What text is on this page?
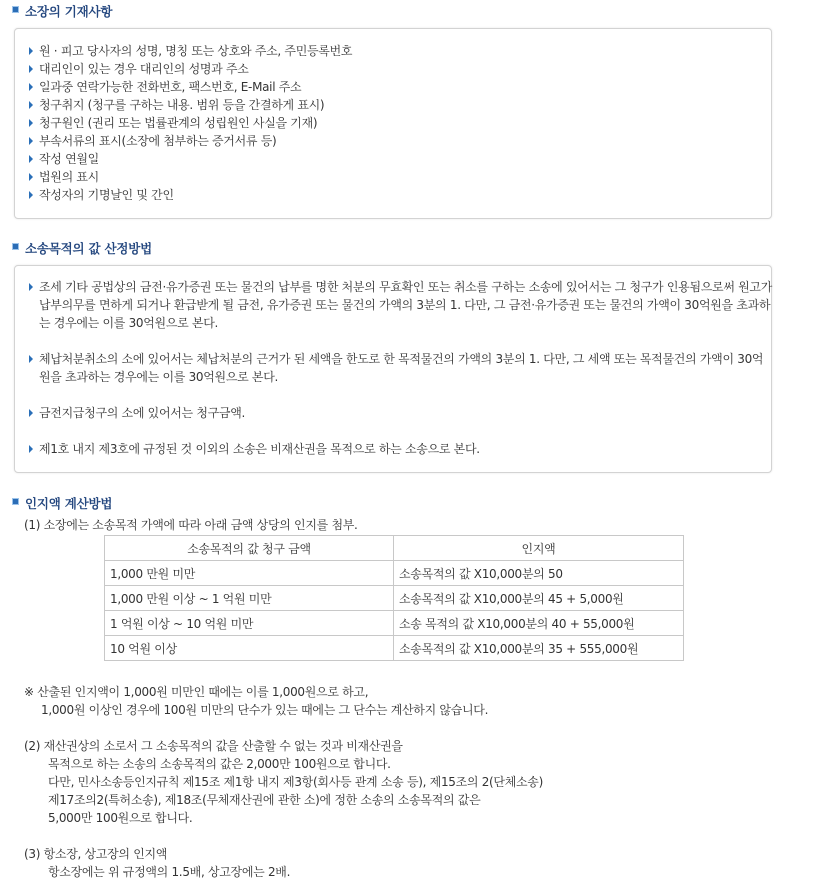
소장의 기재사항
원 · 피고 당사자의 성명, 명칭 또는 상호와 주소, 주민등록번호
대리인이 있는 경우 대리인의 성명과 주소
일과중 연락가능한 전화번호, 팩스번호, E-Mail 주소
청구취지 (청구를 구하는 내용. 범위 등을 간결하게 표시)
청구원인 (권리 또는 법률관계의 성립원인 사실을 기재)
부속서류의 표시(소장에 첨부하는 증거서류 등)
작성 연월일
법원의 표시
작성자의 기명날인 및 간인
소송목적의 값 산정방법
조세 기타 공법상의 금전·유가증권 또는 물건의 납부를 명한 처분의 무효확인 또는 취소를 구하는 소송에 있어서는 그 청구가 인용됨으로써 원고가 납부의무를 면하게 되거나 환급받게 될 금전, 유가증권 또는 물건의 가액의 3분의 1. 다만, 그 금전·유가증권 또는 물건의 가액이 30억원을 초과하는 경우에는 이를 30억원으로 본다.
체납처분취소의 소에 있어서는 체납처분의 근거가 된 세액을 한도로 한 목적물건의 가액의 3분의 1. 다만, 그 세액 또는 목적물건의 가액이 30억원을 초과하는 경우에는 이를 30억원으로 본다.
금전지급청구의 소에 있어서는 청구금액.
제1호 내지 제3호에 규정된 것 이외의 소송은 비재산권을 목적으로 하는 소송으로 본다.
인지액 계산방법
(1) 소장에는 소송목적 가액에 따라 아래 금액 상당의 인지를 첨부.
소송목적의 값 청구 금액	인지액
1,000 만원 미만	소송목적의 값 X10,000분의 50
1,000 만원 이상 ~ 1 억원 미만	소송목적의 값 X10,000분의 45 + 5,000원
1 억원 이상 ~ 10 억원 미만	소송 목적의 값 X10,000분의 40 + 55,000원
10 억원 이상	소송목적의 값 X10,000분의 35 + 555,000원
※ 산출된 인지액이 1,000원 미만인 때에는 이를 1,000원으로 하고,
1,000원 이상인 경우에 100원 미만의 단수가 있는 때에는 그 단수는 계산하지 않습니다.
(2) 재산권상의 소로서 그 소송목적의 값을 산출할 수 없는 것과 비재산권을
목적으로 하는 소송의 소송목적의 값은 2,000만 100원으로 합니다.
다만, 민사소송등인지규칙 제15조 제1항 내지 제3항(회사등 관계 소송 등), 제15조의 2(단체소송)
제17조의2(특허소송), 제18조(무체재산권에 관한 소)에 정한 소송의 소송목적의 값은
5,000만 100원으로 합니다.
(3) 항소장, 상고장의 인지액
항소장에는 위 규정액의 1.5배, 상고장에는 2배.
